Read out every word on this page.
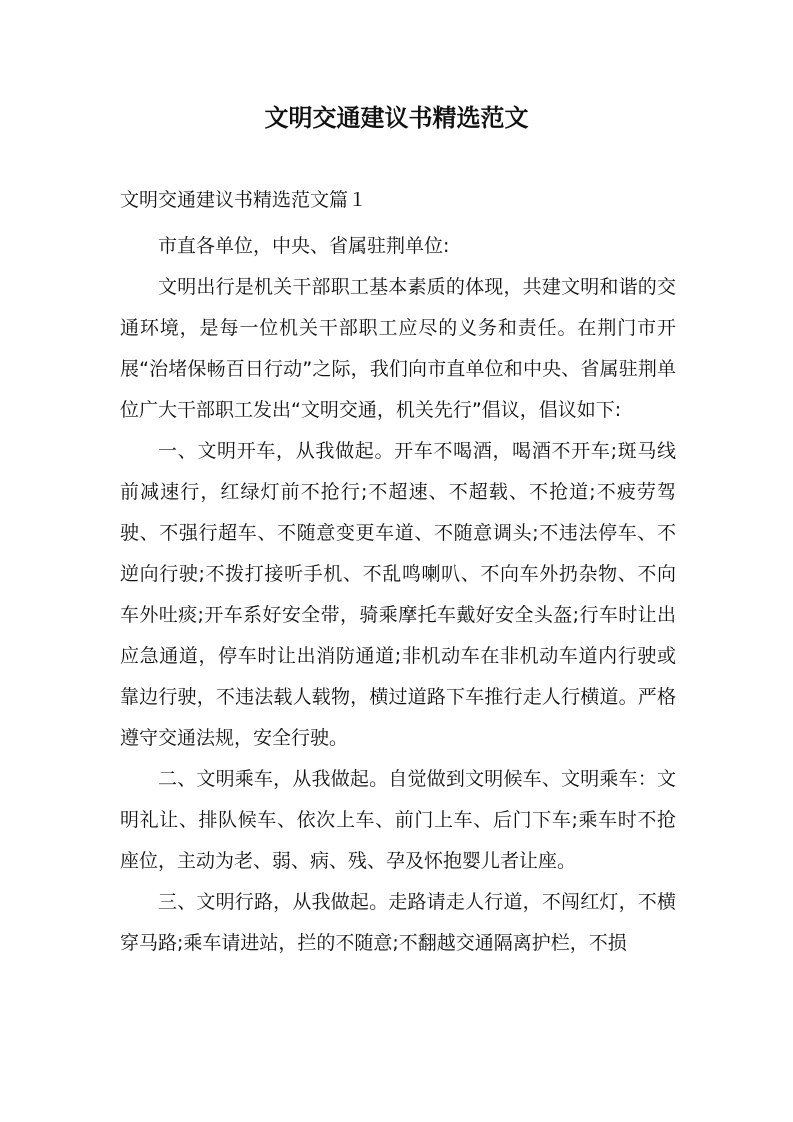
文明交通建议书精选范文
文明交通建议书精选范文篇１

市直各单位，中央、省属驻荆单位:

文明出行是机关干部职工基本素质的体现，共建文明和谐的交通环境，是每一位机关干部职工应尽的义务和责任。在荆门市开展“治堵保畅百日行动”之际，我们向市直单位和中央、省属驻荆单位广大干部职工发出“文明交通，机关先行”倡议，倡议如下:

一、文明开车，从我做起。开车不喝酒，喝酒不开车;斑马线前减速行，红绿灯前不抢行;不超速、不超载、不抢道;不疲劳驾驶、不强行超车、不随意变更车道、不随意调头;不违法停车、不逆向行驶;不拨打接听手机、不乱鸣喇叭、不向车外扔杂物、不向车外吐痰;开车系好安全带，骑乘摩托车戴好安全头盔;行车时让出应急通道，停车时让出消防通道;非机动车在非机动车道内行驶或靠边行驶，不违法载人载物，横过道路下车推行走人行横道。严格遵守交通法规，安全行驶。

二、文明乘车，从我做起。自觉做到文明候车、文明乘车：文明礼让、排队候车、依次上车、前门上车、后门下车;乘车时不抢座位，主动为老、弱、病、残、孕及怀抱婴儿者让座。

三、文明行路，从我做起。走路请走人行道，不闯红灯，不横穿马路;乘车请进站，拦的不随意;不翻越交通隔离护栏，不损
